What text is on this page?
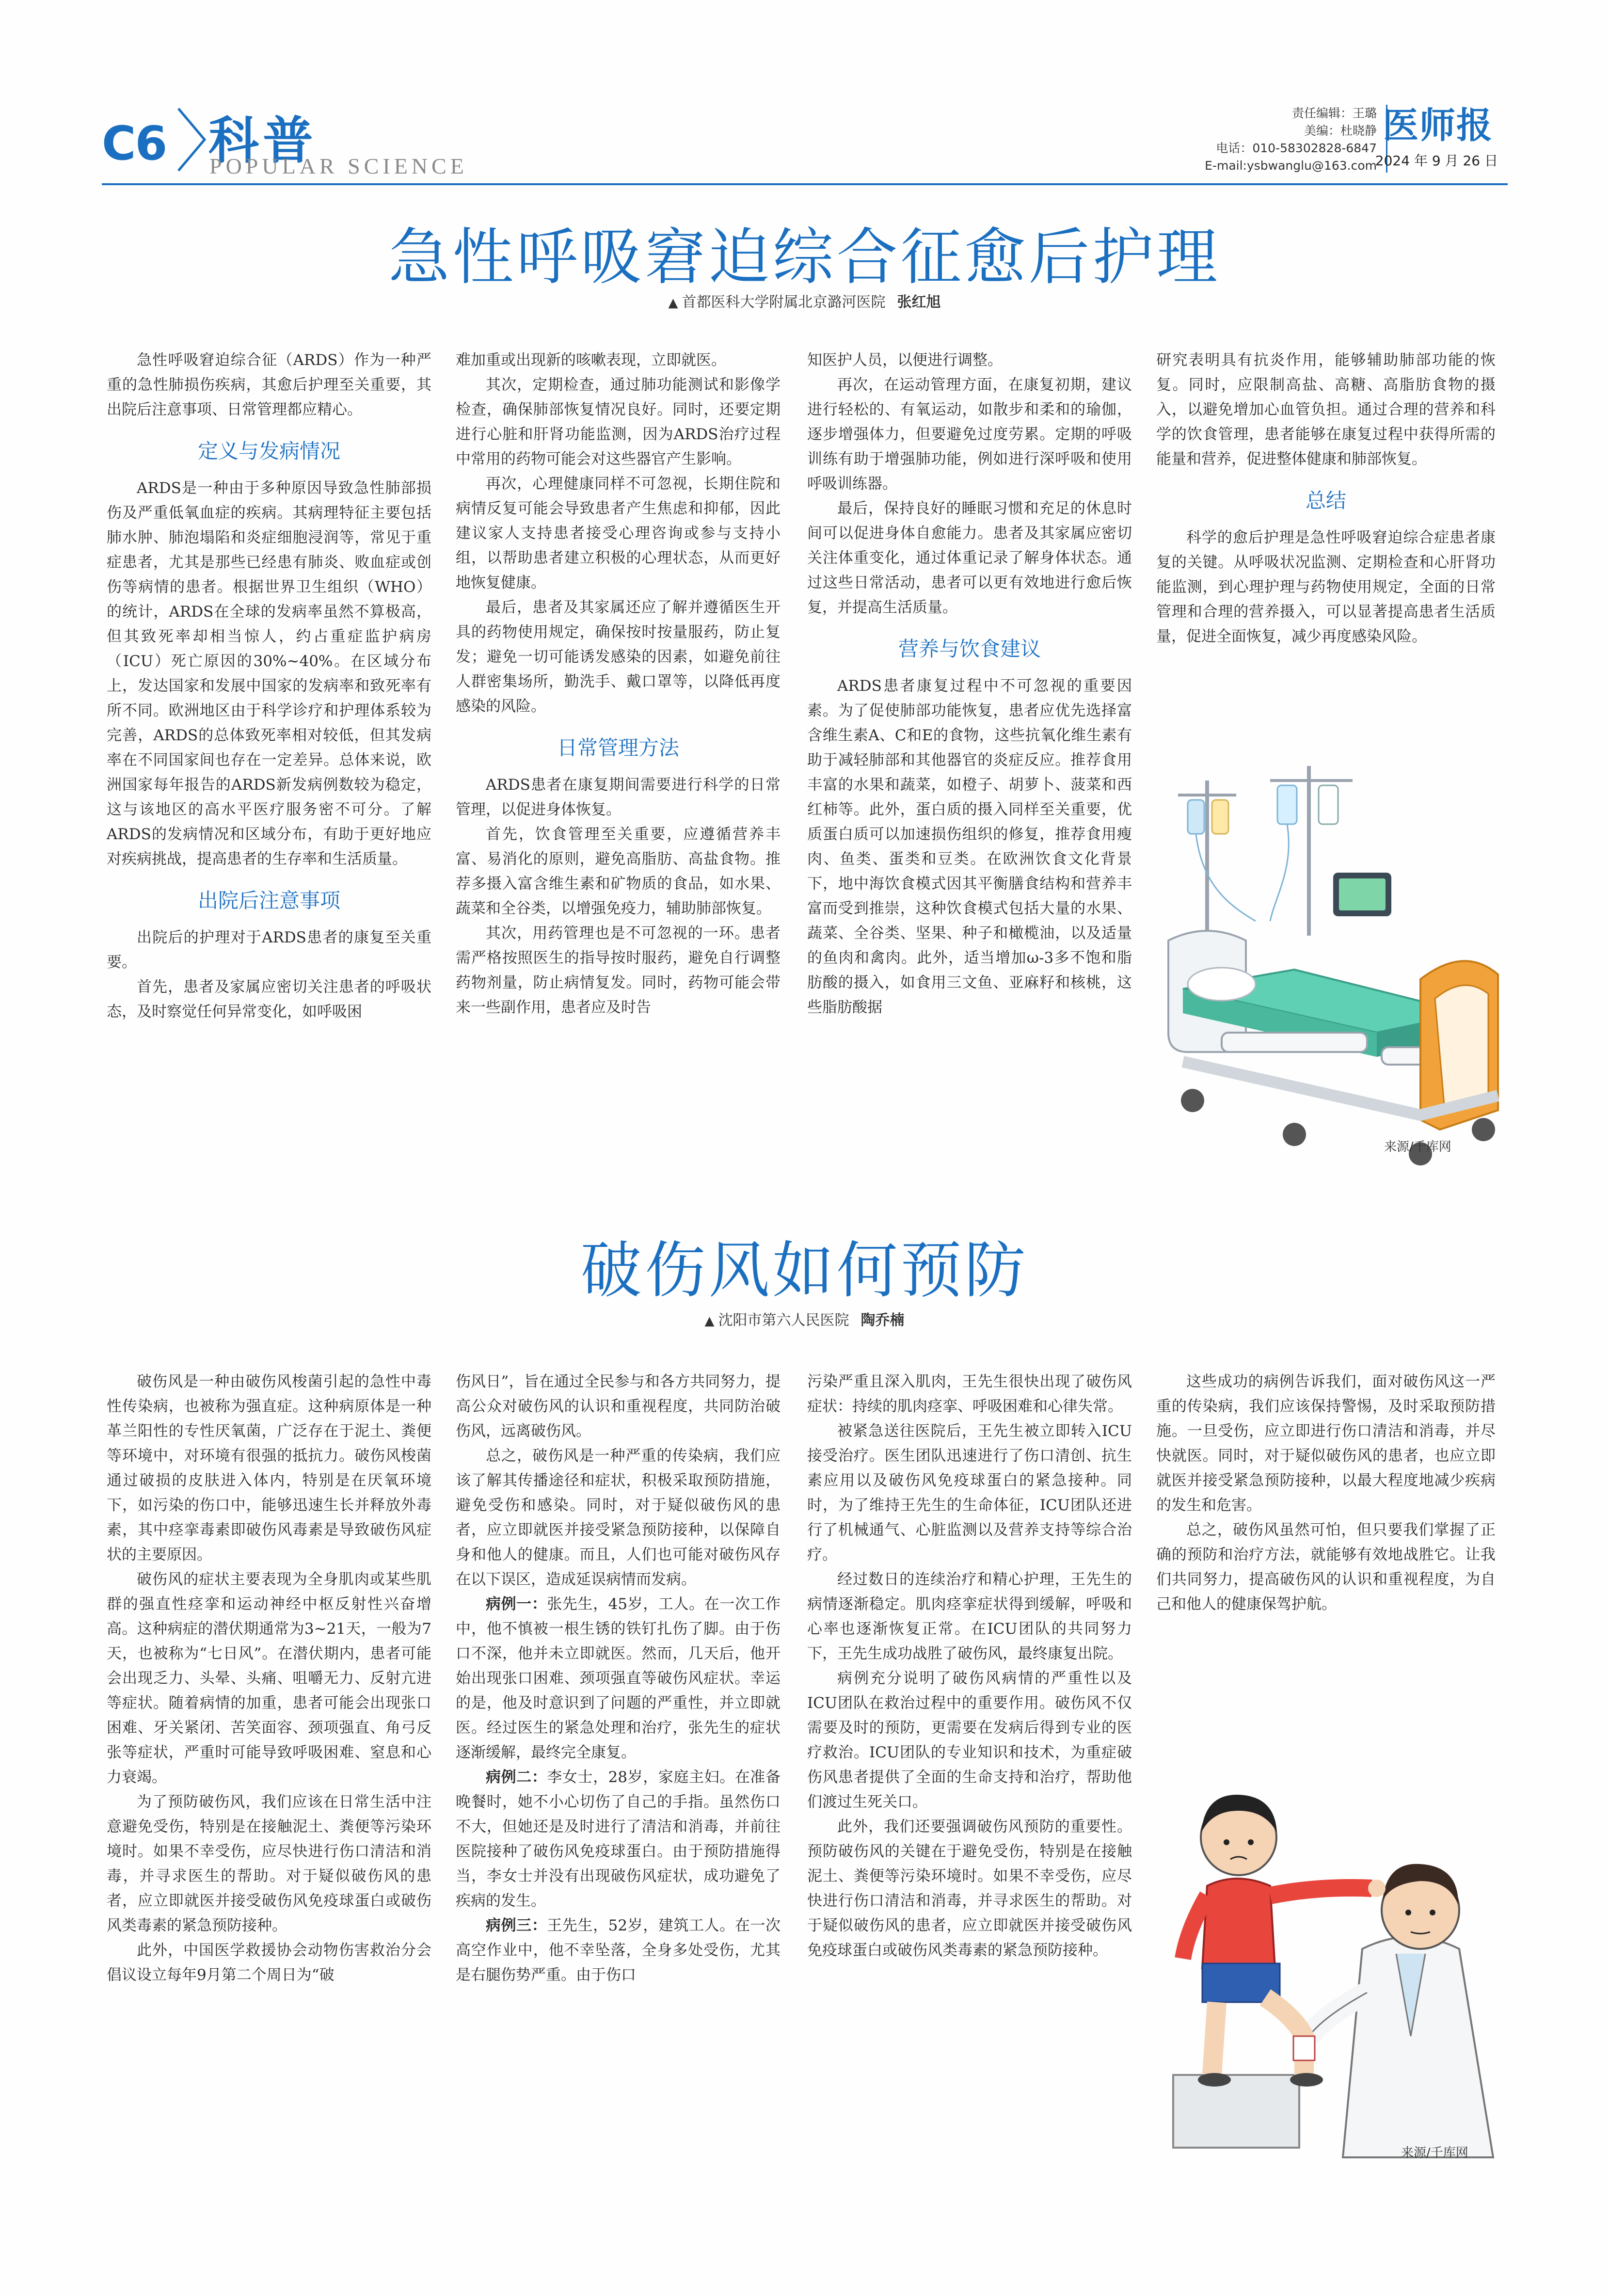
C6 科普
POPULAR SCIENCE
责任编辑：王璐
美编：杜晓静
电话：010-58302828-6847
E-mail:ysbwanglu@163.com
医师报
2024 年 9 月 26 日
急性呼吸窘迫综合征愈后护理
▲ 首都医科大学附属北京潞河医院 张红旭

急性呼吸窘迫综合征（ARDS）作为一种严重的急性肺损伤疾病，其愈后护理至关重要，其出院后注意事项、日常管理都应精心。

定义与发病情况

ARDS是一种由于多种原因导致急性肺部损伤及严重低氧血症的疾病。其病理特征主要包括肺水肿、肺泡塌陷和炎症细胞浸润等，常见于重症患者，尤其是那些已经患有肺炎、败血症或创伤等病情的患者。根据世界卫生组织（WHO）的统计，ARDS在全球的发病率虽然不算极高，但其致死率却相当惊人，约占重症监护病房（ICU）死亡原因的30%~40%。在区域分布上，发达国家和发展中国家的发病率和致死率有所不同。欧洲地区由于科学诊疗和护理体系较为完善，ARDS的总体致死率相对较低，但其发病率在不同国家间也存在一定差异。总体来说，欧洲国家每年报告的ARDS新发病例数较为稳定，这与该地区的高水平医疗服务密不可分。了解ARDS的发病情况和区域分布，有助于更好地应对疾病挑战，提高患者的生存率和生活质量。

出院后注意事项

出院后的护理对于ARDS患者的康复至关重要。

首先，患者及家属应密切关注患者的呼吸状态，及时察觉任何异常变化，如呼吸困

难加重或出现新的咳嗽表现，立即就医。

其次，定期检查，通过肺功能测试和影像学检查，确保肺部恢复情况良好。同时，还要定期进行心脏和肝肾功能监测，因为ARDS治疗过程中常用的药物可能会对这些器官产生影响。

再次，心理健康同样不可忽视，长期住院和病情反复可能会导致患者产生焦虑和抑郁，因此建议家人支持患者接受心理咨询或参与支持小组，以帮助患者建立积极的心理状态，从而更好地恢复健康。

最后，患者及其家属还应了解并遵循医生开具的药物使用规定，确保按时按量服药，防止复发；避免一切可能诱发感染的因素，如避免前往人群密集场所，勤洗手、戴口罩等，以降低再度感染的风险。

日常管理方法

ARDS患者在康复期间需要进行科学的日常管理，以促进身体恢复。

首先，饮食管理至关重要，应遵循营养丰富、易消化的原则，避免高脂肪、高盐食物。推荐多摄入富含维生素和矿物质的食品，如水果、蔬菜和全谷类，以增强免疫力，辅助肺部恢复。

其次，用药管理也是不可忽视的一环。患者需严格按照医生的指导按时服药，避免自行调整药物剂量，防止病情复发。同时，药物可能会带来一些副作用，患者应及时告

知医护人员，以便进行调整。

再次，在运动管理方面，在康复初期，建议进行轻松的、有氧运动，如散步和柔和的瑜伽，逐步增强体力，但要避免过度劳累。定期的呼吸训练有助于增强肺功能，例如进行深呼吸和使用呼吸训练器。

最后，保持良好的睡眠习惯和充足的休息时间可以促进身体自愈能力。患者及其家属应密切关注体重变化，通过体重记录了解身体状态。通过这些日常活动，患者可以更有效地进行愈后恢复，并提高生活质量。

营养与饮食建议

ARDS患者康复过程中不可忽视的重要因素。为了促使肺部功能恢复，患者应优先选择富含维生素A、C和E的食物，这些抗氧化维生素有助于减轻肺部和其他器官的炎症反应。推荐食用丰富的水果和蔬菜，如橙子、胡萝卜、菠菜和西红柿等。此外，蛋白质的摄入同样至关重要，优质蛋白质可以加速损伤组织的修复，推荐食用瘦肉、鱼类、蛋类和豆类。在欧洲饮食文化背景下，地中海饮食模式因其平衡膳食结构和营养丰富而受到推崇，这种饮食模式包括大量的水果、蔬菜、全谷类、坚果、种子和橄榄油，以及适量的鱼肉和禽肉。此外，适当增加ω-3多不饱和脂肪酸的摄入，如食用三文鱼、亚麻籽和核桃，这些脂肪酸据

研究表明具有抗炎作用，能够辅助肺部功能的恢复。同时，应限制高盐、高糖、高脂肪食物的摄入，以避免增加心血管负担。通过合理的营养和科学的饮食管理，患者能够在康复过程中获得所需的能量和营养，促进整体健康和肺部恢复。

总结

科学的愈后护理是急性呼吸窘迫综合症患者康复的关键。从呼吸状况监测、定期检查和心肝肾功能监测，到心理护理与药物使用规定，全面的日常管理和合理的营养摄入，可以显著提高患者生活质量，促进全面恢复，减少再度感染风险。

来源/千库网
破伤风如何预防
▲ 沈阳市第六人民医院 陶乔楠

破伤风是一种由破伤风梭菌引起的急性中毒性传染病，也被称为强直症。这种病原体是一种革兰阳性的专性厌氧菌，广泛存在于泥土、粪便等环境中，对环境有很强的抵抗力。破伤风梭菌通过破损的皮肤进入体内，特别是在厌氧环境下，如污染的伤口中，能够迅速生长并释放外毒素，其中痉挛毒素即破伤风毒素是导致破伤风症状的主要原因。

破伤风的症状主要表现为全身肌肉或某些肌群的强直性痉挛和运动神经中枢反射性兴奋增高。这种病症的潜伏期通常为3~21天，一般为7天，也被称为“七日风”。在潜伏期内，患者可能会出现乏力、头晕、头痛、咀嚼无力、反射亢进等症状。随着病情的加重，患者可能会出现张口困难、牙关紧闭、苦笑面容、颈项强直、角弓反张等症状，严重时可能导致呼吸困难、窒息和心力衰竭。

为了预防破伤风，我们应该在日常生活中注意避免受伤，特别是在接触泥土、粪便等污染环境时。如果不幸受伤，应尽快进行伤口清洁和消毒，并寻求医生的帮助。对于疑似破伤风的患者，应立即就医并接受破伤风免疫球蛋白或破伤风类毒素的紧急预防接种。

此外，中国医学救援协会动物伤害救治分会倡议设立每年9月第二个周日为“破

伤风日”，旨在通过全民参与和各方共同努力，提高公众对破伤风的认识和重视程度，共同防治破伤风，远离破伤风。

总之，破伤风是一种严重的传染病，我们应该了解其传播途径和症状，积极采取预防措施，避免受伤和感染。同时，对于疑似破伤风的患者，应立即就医并接受紧急预防接种，以保障自身和他人的健康。而且，人们也可能对破伤风存在以下误区，造成延误病情而发病。

病例一：张先生，45岁，工人。在一次工作中，他不慎被一根生锈的铁钉扎伤了脚。由于伤口不深，他并未立即就医。然而，几天后，他开始出现张口困难、颈项强直等破伤风症状。幸运的是，他及时意识到了问题的严重性，并立即就医。经过医生的紧急处理和治疗，张先生的症状逐渐缓解，最终完全康复。

病例二：李女士，28岁，家庭主妇。在准备晚餐时，她不小心切伤了自己的手指。虽然伤口不大，但她还是及时进行了清洁和消毒，并前往医院接种了破伤风免疫球蛋白。由于预防措施得当，李女士并没有出现破伤风症状，成功避免了疾病的发生。

病例三：王先生，52岁，建筑工人。在一次高空作业中，他不幸坠落，全身多处受伤，尤其是右腿伤势严重。由于伤口

污染严重且深入肌肉，王先生很快出现了破伤风症状：持续的肌肉痉挛、呼吸困难和心律失常。

被紧急送往医院后，王先生被立即转入ICU接受治疗。医生团队迅速进行了伤口清创、抗生素应用以及破伤风免疫球蛋白的紧急接种。同时，为了维持王先生的生命体征，ICU团队还进行了机械通气、心脏监测以及营养支持等综合治疗。

经过数日的连续治疗和精心护理，王先生的病情逐渐稳定。肌肉痉挛症状得到缓解，呼吸和心率也逐渐恢复正常。在ICU团队的共同努力下，王先生成功战胜了破伤风，最终康复出院。

病例充分说明了破伤风病情的严重性以及ICU团队在救治过程中的重要作用。破伤风不仅需要及时的预防，更需要在发病后得到专业的医疗救治。ICU团队的专业知识和技术，为重症破伤风患者提供了全面的生命支持和治疗，帮助他们渡过生死关口。

此外，我们还要强调破伤风预防的重要性。预防破伤风的关键在于避免受伤，特别是在接触泥土、粪便等污染环境时。如果不幸受伤，应尽快进行伤口清洁和消毒，并寻求医生的帮助。对于疑似破伤风的患者，应立即就医并接受破伤风免疫球蛋白或破伤风类毒素的紧急预防接种。

这些成功的病例告诉我们，面对破伤风这一严重的传染病，我们应该保持警惕，及时采取预防措施。一旦受伤，应立即进行伤口清洁和消毒，并尽快就医。同时，对于疑似破伤风的患者，也应立即就医并接受紧急预防接种，以最大程度地减少疾病的发生和危害。

总之，破伤风虽然可怕，但只要我们掌握了正确的预防和治疗方法，就能够有效地战胜它。让我们共同努力，提高破伤风的认识和重视程度，为自己和他人的健康保驾护航。

来源/千库网
